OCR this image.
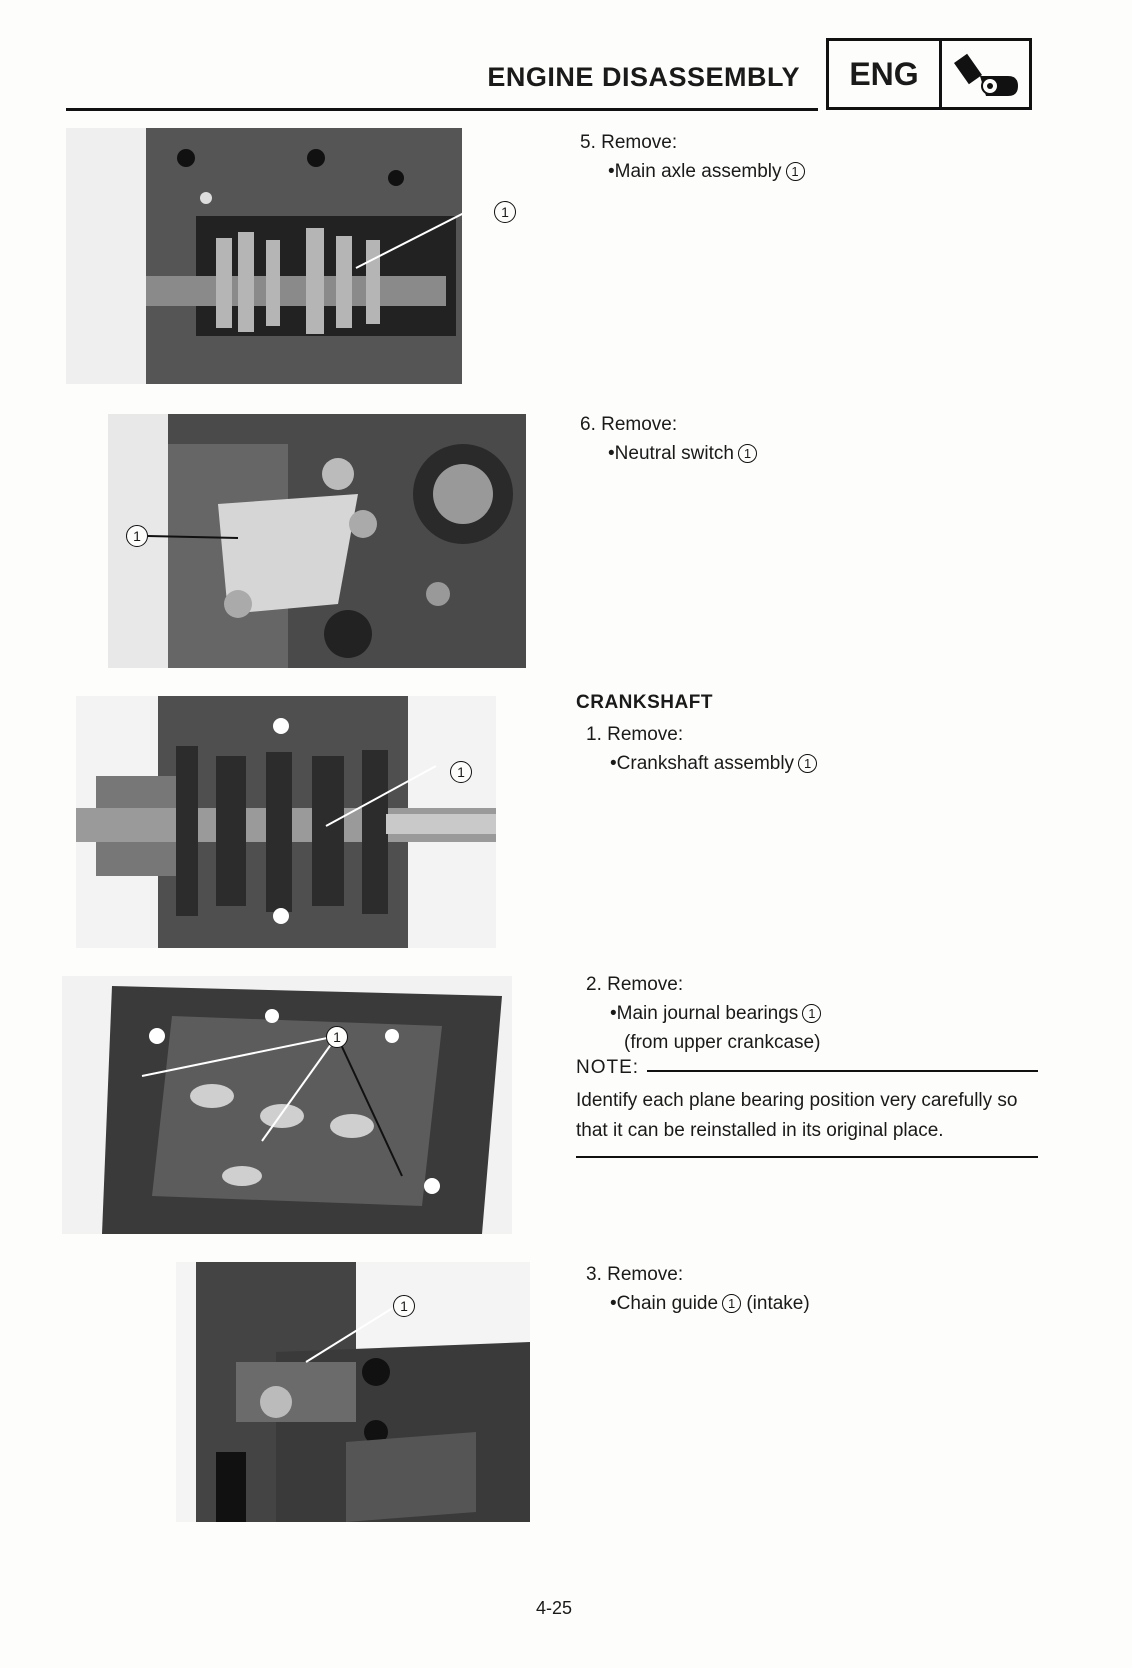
ENGINE DISASSEMBLY	ENG
1
1
1
1
1
5. Remove:
•Main axle assembly 1
6. Remove:
•Neutral switch 1
CRANKSHAFT
1. Remove:
•Crankshaft assembly 1
2. Remove:
•Main journal bearings 1
(from upper crankcase)
NOTE:
Identify each plane bearing position very carefully so that it can be reinstalled in its original place.
3. Remove:
•Chain guide 1 (intake)
4-25
